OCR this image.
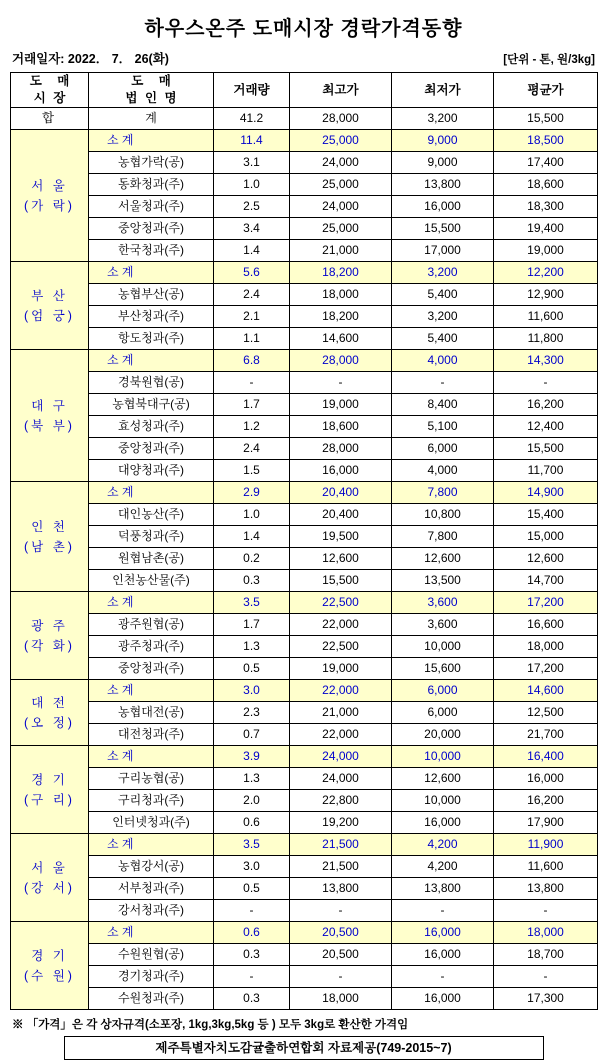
하우스온주 도매시장 경락가격동향
거래일자: 2022． 7． 26(화)	[단위 - 톤, 원/3kg]
도 매
시 장	도 매
법 인 명	거래량	최고가	최저가	평균가

합	계	41.2	28,000	3,200	15,500

서 울
(가 락)	소 계	11.4	25,000	9,000	18,500
	농협가락(공)	3.1	24,000	9,000	17,400
	동화청과(주)	1.0	25,000	13,800	18,600
	서울청과(주)	2.5	24,000	16,000	18,300
	중앙청과(주)	3.4	25,000	15,500	19,400
	한국청과(주)	1.4	21,000	17,000	19,000

부 산
(엄 궁)	소 계	5.6	18,200	3,200	12,200
	농협부산(공)	2.4	18,000	5,400	12,900
	부산청과(주)	2.1	18,200	3,200	11,600
	항도청과(주)	1.1	14,600	5,400	11,800

대 구
(북 부)	소 계	6.8	28,000	4,000	14,300
	경북원협(공)	-	-	-	-
	농협북대구(공)	1.7	19,000	8,400	16,200
	효성청과(주)	1.2	18,600	5,100	12,400
	중앙청과(주)	2.4	28,000	6,000	15,500
	대양청과(주)	1.5	16,000	4,000	11,700

인 천
(남 촌)	소 계	2.9	20,400	7,800	14,900
	대인농산(주)	1.0	20,400	10,800	15,400
	덕풍청과(주)	1.4	19,500	7,800	15,000
	원협남촌(공)	0.2	12,600	12,600	12,600
	인천농산물(주)	0.3	15,500	13,500	14,700

광 주
(각 화)	소 계	3.5	22,500	3,600	17,200
	광주원협(공)	1.7	22,000	3,600	16,600
	광주청과(주)	1.3	22,500	10,000	18,000
	중앙청과(주)	0.5	19,000	15,600	17,200

대 전
(오 정)	소 계	3.0	22,000	6,000	14,600
	농협대전(공)	2.3	21,000	6,000	12,500
	대전청과(주)	0.7	22,000	20,000	21,700

경 기
(구 리)	소 계	3.9	24,000	10,000	16,400
	구리농협(공)	1.3	24,000	12,600	16,000
	구리청과(주)	2.0	22,800	10,000	16,200
	인터넷청과(주)	0.6	19,200	16,000	17,900

서 울
(강 서)	소 계	3.5	21,500	4,200	11,900
	농협강서(공)	3.0	21,500	4,200	11,600
	서부청과(주)	0.5	13,800	13,800	13,800
	강서청과(주)	-	-	-	-

경 기
(수 원)	소 계	0.6	20,500	16,000	18,000
	수원원협(공)	0.3	20,500	16,000	18,700
	경기청과(주)	-	-	-	-
	수원청과(주)	0.3	18,000	16,000	17,300
※ 「가격」은 각 상자규격(소포장, 1kg,3kg,5kg 등 ) 모두 3kg로 환산한 가격임
제주특별자치도감귤출하연합회 자료제공(749-2015~7)
